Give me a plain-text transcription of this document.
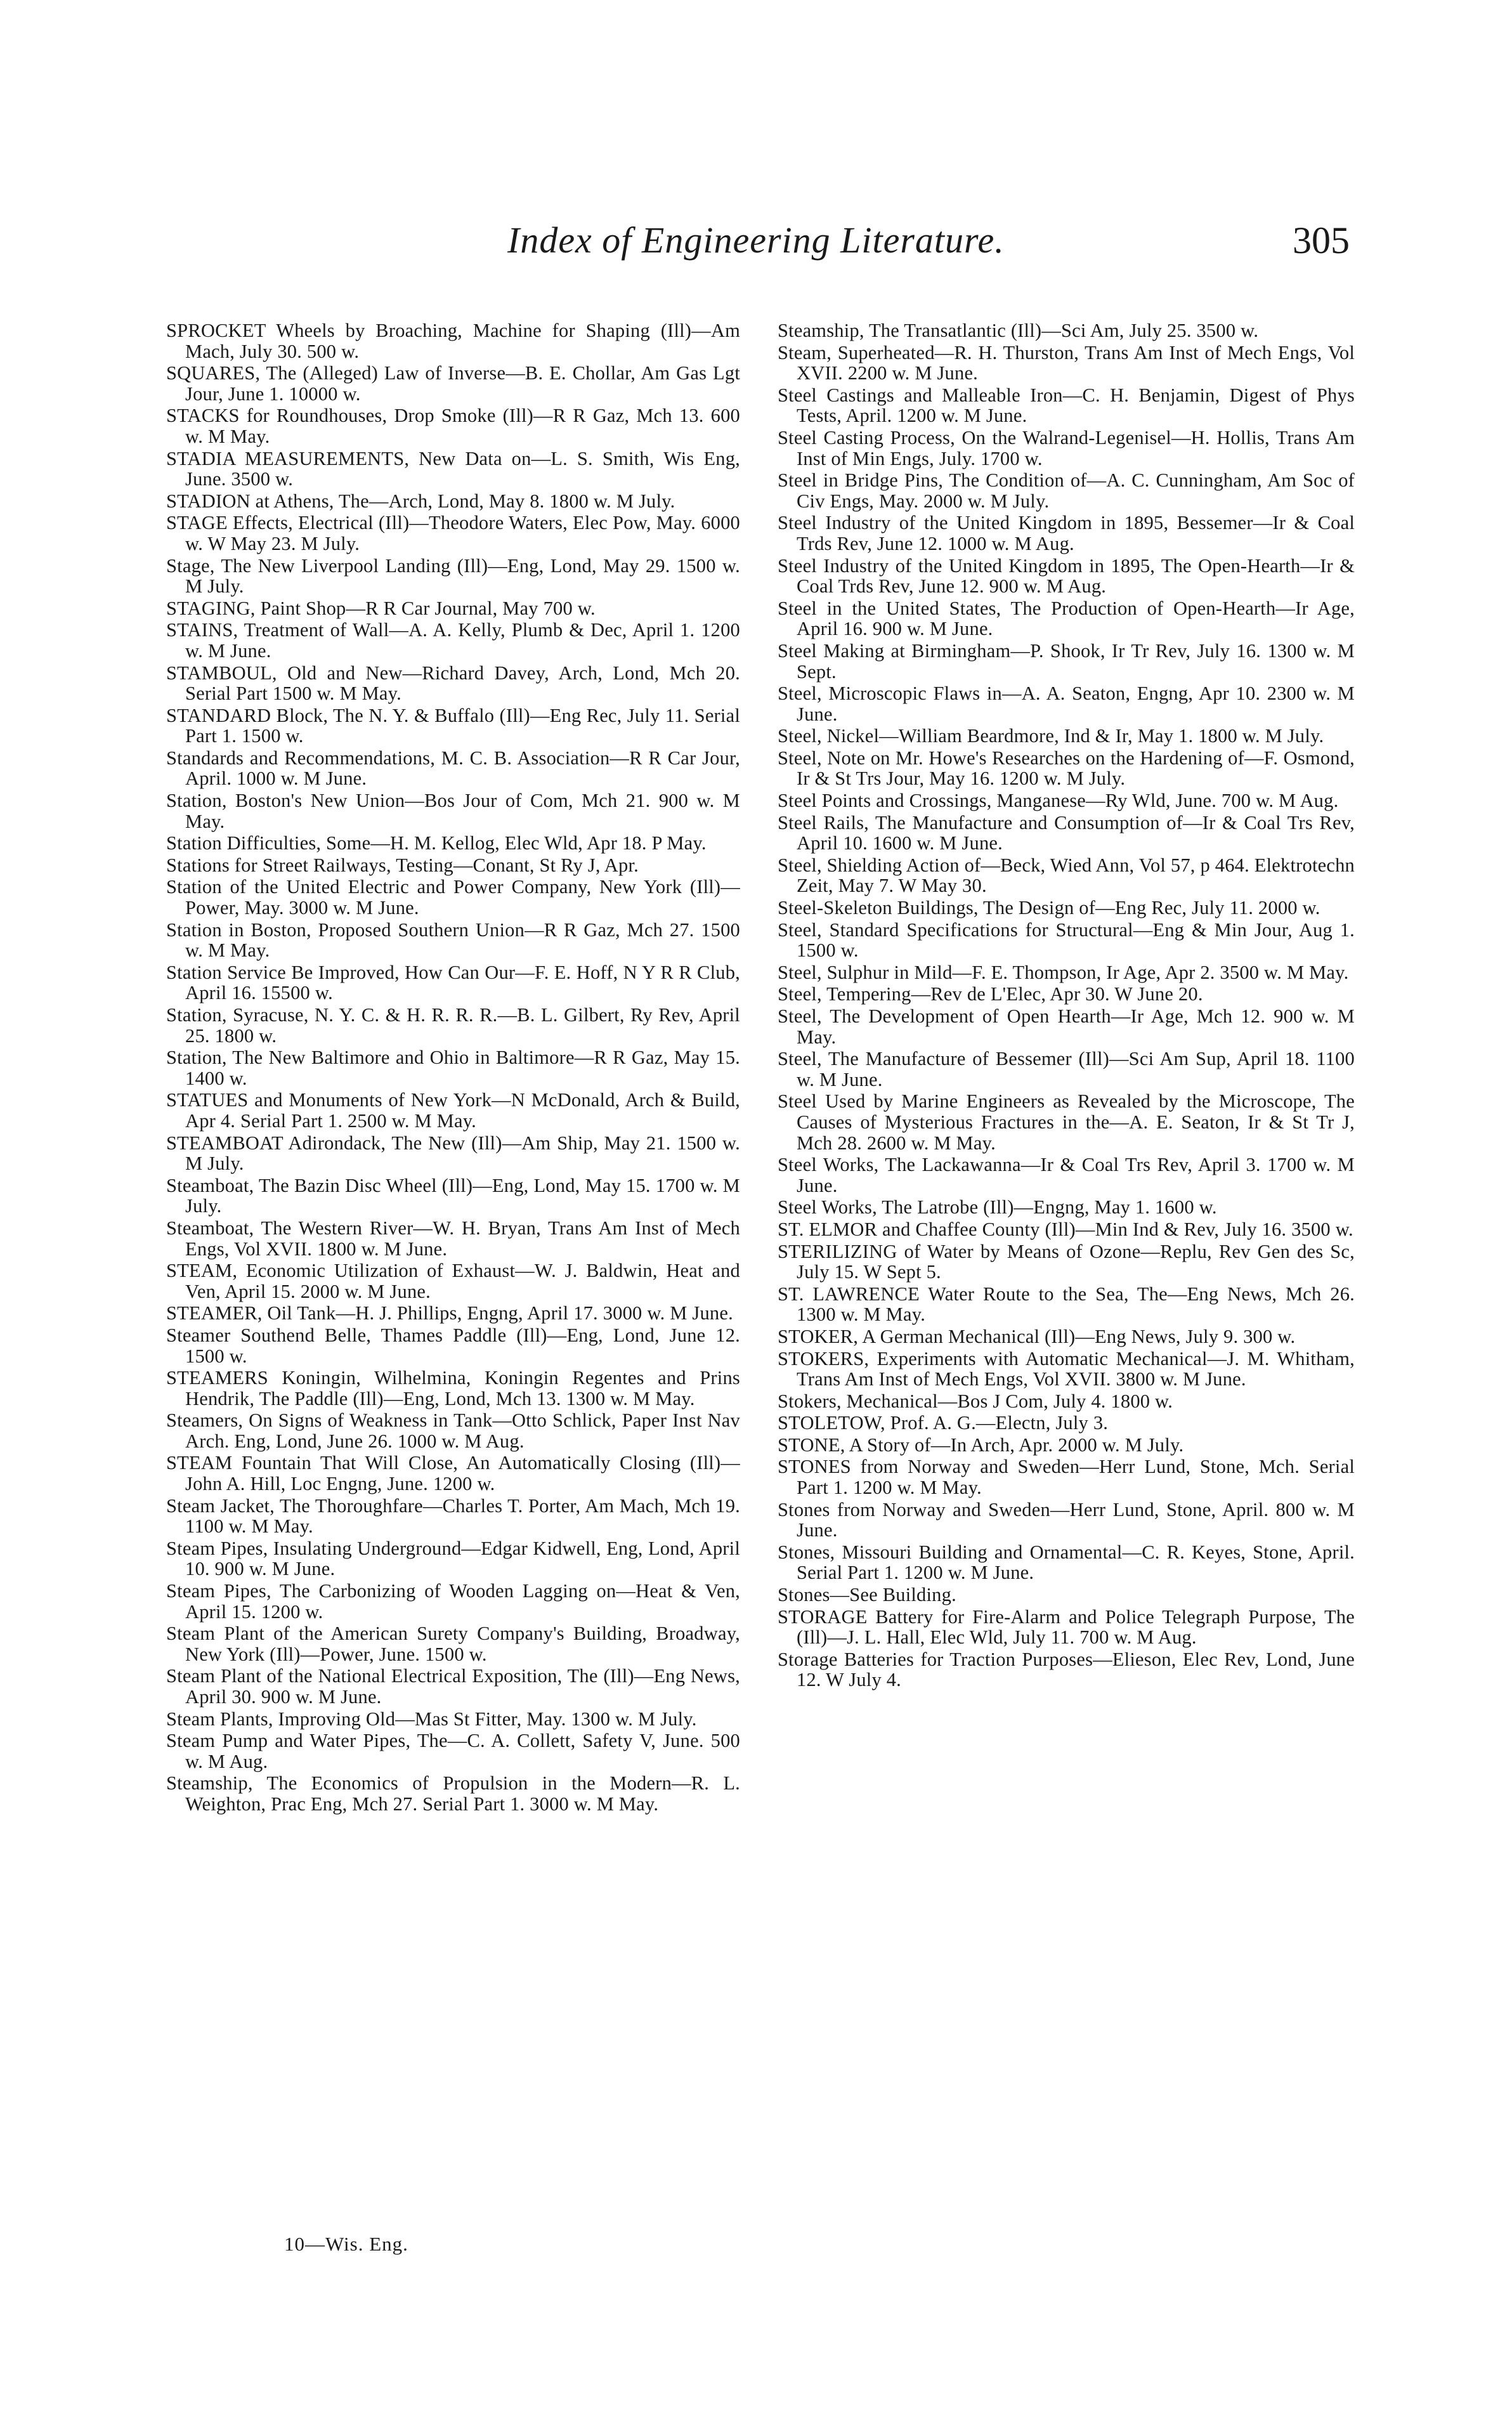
Index of Engineering Literature.	305

SPROCKET Wheels by Broaching, Machine for Shaping (Ill)—Am Mach, July 30. 500 w.

SQUARES, The (Alleged) Law of Inverse—B. E. Chollar, Am Gas Lgt Jour, June 1. 10000 w.

STACKS for Roundhouses, Drop Smoke (Ill)—R R Gaz, Mch 13. 600 w. M May.

STADIA MEASUREMENTS, New Data on—L. S. Smith, Wis Eng, June. 3500 w.

STADION at Athens, The—Arch, Lond, May 8. 1800 w. M July.

STAGE Effects, Electrical (Ill)—Theodore Waters, Elec Pow, May. 6000 w. W May 23. M July.

Stage, The New Liverpool Landing (Ill)—Eng, Lond, May 29. 1500 w. M July.

STAGING, Paint Shop—R R Car Journal, May 700 w.

STAINS, Treatment of Wall—A. A. Kelly, Plumb & Dec, April 1. 1200 w. M June.

STAMBOUL, Old and New—Richard Davey, Arch, Lond, Mch 20. Serial Part 1500 w. M May.

STANDARD Block, The N. Y. & Buffalo (Ill)—Eng Rec, July 11. Serial Part 1. 1500 w.

Standards and Recommendations, M. C. B. Association—R R Car Jour, April. 1000 w. M June.

Station, Boston's New Union—Bos Jour of Com, Mch 21. 900 w. M May.

Station Difficulties, Some—H. M. Kellog, Elec Wld, Apr 18. P May.

Stations for Street Railways, Testing—Conant, St Ry J, Apr.

Station of the United Electric and Power Company, New York (Ill)—Power, May. 3000 w. M June.

Station in Boston, Proposed Southern Union—R R Gaz, Mch 27. 1500 w. M May.

Station Service Be Improved, How Can Our—F. E. Hoff, N Y R R Club, April 16. 15500 w.

Station, Syracuse, N. Y. C. & H. R. R. R.—B. L. Gilbert, Ry Rev, April 25. 1800 w.

Station, The New Baltimore and Ohio in Baltimore—R R Gaz, May 15. 1400 w.

STATUES and Monuments of New York—N McDonald, Arch & Build, Apr 4. Serial Part 1. 2500 w. M May.

STEAMBOAT Adirondack, The New (Ill)—Am Ship, May 21. 1500 w. M July.

Steamboat, The Bazin Disc Wheel (Ill)—Eng, Lond, May 15. 1700 w. M July.

Steamboat, The Western River—W. H. Bryan, Trans Am Inst of Mech Engs, Vol XVII. 1800 w. M June.

STEAM, Economic Utilization of Exhaust—W. J. Baldwin, Heat and Ven, April 15. 2000 w. M June.

STEAMER, Oil Tank—H. J. Phillips, Engng, April 17. 3000 w. M June.

Steamer Southend Belle, Thames Paddle (Ill)—Eng, Lond, June 12. 1500 w.

STEAMERS Koningin, Wilhelmina, Koningin Regentes and Prins Hendrik, The Paddle (Ill)—Eng, Lond, Mch 13. 1300 w. M May.

Steamers, On Signs of Weakness in Tank—Otto Schlick, Paper Inst Nav Arch. Eng, Lond, June 26. 1000 w. M Aug.

STEAM Fountain That Will Close, An Automatically Closing (Ill)—John A. Hill, Loc Engng, June. 1200 w.

Steam Jacket, The Thoroughfare—Charles T. Porter, Am Mach, Mch 19. 1100 w. M May.

Steam Pipes, Insulating Underground—Edgar Kidwell, Eng, Lond, April 10. 900 w. M June.

Steam Pipes, The Carbonizing of Wooden Lagging on—Heat & Ven, April 15. 1200 w.

Steam Plant of the American Surety Company's Building, Broadway, New York (Ill)—Power, June. 1500 w.

Steam Plant of the National Electrical Exposition, The (Ill)—Eng News, April 30. 900 w. M June.

Steam Plants, Improving Old—Mas St Fitter, May. 1300 w. M July.

Steam Pump and Water Pipes, The—C. A. Collett, Safety V, June. 500 w. M Aug.

Steamship, The Economics of Propulsion in the Modern—R. L. Weighton, Prac Eng, Mch 27. Serial Part 1. 3000 w. M May.

Steamship, The Transatlantic (Ill)—Sci Am, July 25. 3500 w.

Steam, Superheated—R. H. Thurston, Trans Am Inst of Mech Engs, Vol XVII. 2200 w. M June.

Steel Castings and Malleable Iron—C. H. Benjamin, Digest of Phys Tests, April. 1200 w. M June.

Steel Casting Process, On the Walrand-Legenisel—H. Hollis, Trans Am Inst of Min Engs, July. 1700 w.

Steel in Bridge Pins, The Condition of—A. C. Cunningham, Am Soc of Civ Engs, May. 2000 w. M July.

Steel Industry of the United Kingdom in 1895, Bessemer—Ir & Coal Trds Rev, June 12. 1000 w. M Aug.

Steel Industry of the United Kingdom in 1895, The Open-Hearth—Ir & Coal Trds Rev, June 12. 900 w. M Aug.

Steel in the United States, The Production of Open-Hearth—Ir Age, April 16. 900 w. M June.

Steel Making at Birmingham—P. Shook, Ir Tr Rev, July 16. 1300 w. M Sept.

Steel, Microscopic Flaws in—A. A. Seaton, Engng, Apr 10. 2300 w. M June.

Steel, Nickel—William Beardmore, Ind & Ir, May 1. 1800 w. M July.

Steel, Note on Mr. Howe's Researches on the Hardening of—F. Osmond, Ir & St Trs Jour, May 16. 1200 w. M July.

Steel Points and Crossings, Manganese—Ry Wld, June. 700 w. M Aug.

Steel Rails, The Manufacture and Consumption of—Ir & Coal Trs Rev, April 10. 1600 w. M June.

Steel, Shielding Action of—Beck, Wied Ann, Vol 57, p 464. Elektrotechn Zeit, May 7. W May 30.

Steel-Skeleton Buildings, The Design of—Eng Rec, July 11. 2000 w.

Steel, Standard Specifications for Structural—Eng & Min Jour, Aug 1. 1500 w.

Steel, Sulphur in Mild—F. E. Thompson, Ir Age, Apr 2. 3500 w. M May.

Steel, Tempering—Rev de L'Elec, Apr 30. W June 20.

Steel, The Development of Open Hearth—Ir Age, Mch 12. 900 w. M May.

Steel, The Manufacture of Bessemer (Ill)—Sci Am Sup, April 18. 1100 w. M June.

Steel Used by Marine Engineers as Revealed by the Microscope, The Causes of Mysterious Fractures in the—A. E. Seaton, Ir & St Tr J, Mch 28. 2600 w. M May.

Steel Works, The Lackawanna—Ir & Coal Trs Rev, April 3. 1700 w. M June.

Steel Works, The Latrobe (Ill)—Engng, May 1. 1600 w.

ST. ELMOR and Chaffee County (Ill)—Min Ind & Rev, July 16. 3500 w.

STERILIZING of Water by Means of Ozone—Replu, Rev Gen des Sc, July 15. W Sept 5.

ST. LAWRENCE Water Route to the Sea, The—Eng News, Mch 26. 1300 w. M May.

STOKER, A German Mechanical (Ill)—Eng News, July 9. 300 w.

STOKERS, Experiments with Automatic Mechanical—J. M. Whitham, Trans Am Inst of Mech Engs, Vol XVII. 3800 w. M June.

Stokers, Mechanical—Bos J Com, July 4. 1800 w.

STOLETOW, Prof. A. G.—Electn, July 3.

STONE, A Story of—In Arch, Apr. 2000 w. M July.

STONES from Norway and Sweden—Herr Lund, Stone, Mch. Serial Part 1. 1200 w. M May.

Stones from Norway and Sweden—Herr Lund, Stone, April. 800 w. M June.

Stones, Missouri Building and Ornamental—C. R. Keyes, Stone, April. Serial Part 1. 1200 w. M June.

Stones—See Building.

STORAGE Battery for Fire-Alarm and Police Telegraph Purpose, The (Ill)—J. L. Hall, Elec Wld, July 11. 700 w. M Aug.

Storage Batteries for Traction Purposes—Elieson, Elec Rev, Lond, June 12. W July 4.

10—Wis. Eng.
